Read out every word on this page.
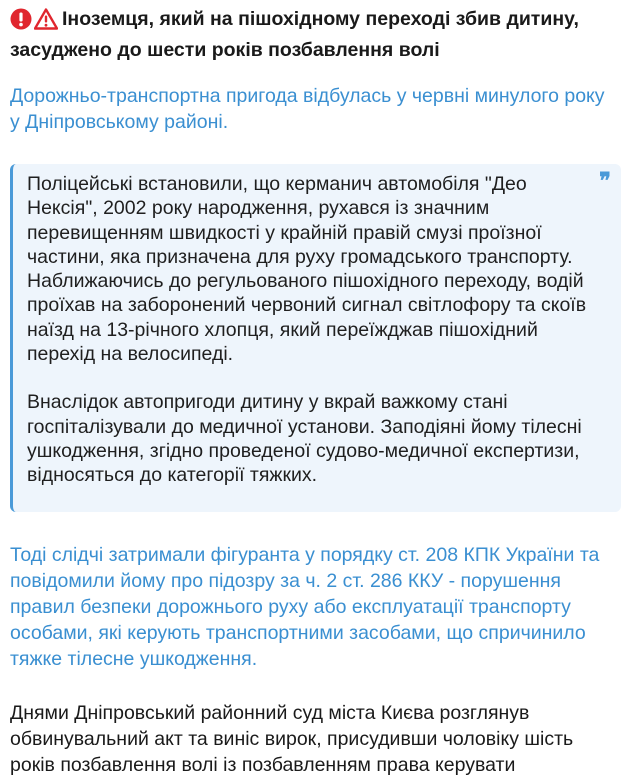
Іноземця, який на пішохідному переході збив дитину, засуджено до шести років позбавлення волі
Дорожньо-транспортна пригода відбулась у червні минулого року у Дніпровському районі.

Поліцейські встановили, що керманич автомобіля "Део Нексія", 2002 року народження, рухався із значним перевищенням швидкості у крайній правій смузі проїзної частини, яка призначена для руху громадського транспорту. Наближаючись до регульованого пішохідного переходу, водій проїхав на заборонений червоний сигнал світлофору та скоїв наїзд на 13-річного хлопця, який переїжджав пішохідний перехід на велосипеді.

Внаслідок автопригоди дитину у вкрай важкому стані госпіталізували до медичної установи. Заподіяні йому тілесні ушкодження, згідно проведеної судово-медичної експертизи, відносяться до категорії тяжких.

❞
Тоді слідчі затримали фігуранта у порядку ст. 208 КПК України та повідомили йому про підозру за ч. 2 ст. 286 ККУ - порушення правил безпеки дорожнього руху або експлуатації транспорту особами, які керують транспортними засобами, що спричинило тяжке тілесне ушкодження.
Днями Дніпровський районний суд міста Києва розглянув обвинувальний акт та виніс вирок, присудивши чоловіку шість років позбавлення волі із позбавленням права керувати
